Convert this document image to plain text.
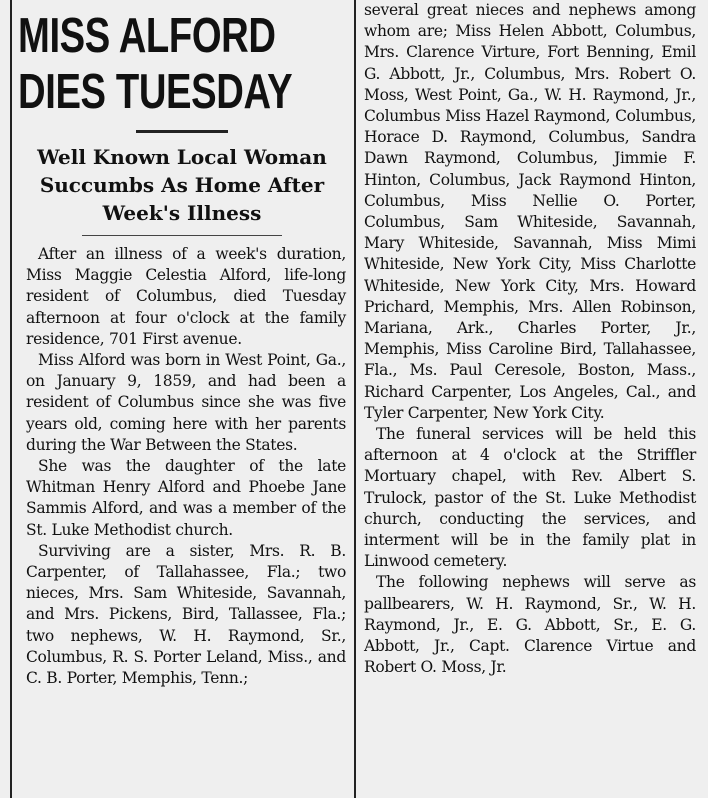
MISS ALFORD
DIES TUESDAY
Well Known Local Woman Succumbs As Home After Week's Illness

After an illness of a week's duration, Miss Maggie Celestia Alford, life-long resident of Columbus, died Tuesday afternoon at four o'clock at the family residence, 701 First avenue.

Miss Alford was born in West Point, Ga., on January 9, 1859, and had been a resident of Columbus since she was five years old, coming here with her parents during the War Between the States.

She was the daughter of the late Whitman Henry Alford and Phoebe Jane Sammis Alford, and was a member of the St. Luke Methodist church.

Surviving are a sister, Mrs. R. B. Carpenter, of Tallahassee, Fla.; two nieces, Mrs. Sam Whiteside, Savannah, and Mrs. Pickens, Bird, Tallassee, Fla.; two nephews, W. H. Raymond, Sr., Columbus, R. S. Porter Leland, Miss., and C. B. Porter, Memphis, Tenn.;

several great nieces and nephews among whom are; Miss Helen Abbott, Columbus, Mrs. Clarence Virture, Fort Benning, Emil G. Abbott, Jr., Columbus, Mrs. Robert O. Moss, West Point, Ga., W. H. Raymond, Jr., Columbus Miss Hazel Raymond, Columbus, Horace D. Raymond, Columbus, Sandra Dawn Raymond, Columbus, Jimmie F. Hinton, Columbus, Jack Raymond Hinton, Columbus, Miss Nellie O. Porter, Columbus, Sam Whiteside, Savannah, Mary Whiteside, Savannah, Miss Mimi Whiteside, New York City, Miss Charlotte Whiteside, New York City, Mrs. Howard Prichard, Memphis, Mrs. Allen Robinson, Mariana, Ark., Charles Porter, Jr., Memphis, Miss Caroline Bird, Tallahassee, Fla., Ms. Paul Ceresole, Boston, Mass., Richard Carpenter, Los Angeles, Cal., and Tyler Carpenter, New York City.

The funeral services will be held this afternoon at 4 o'clock at the Striffler Mortuary chapel, with Rev. Albert S. Trulock, pastor of the St. Luke Methodist church, conducting the services, and interment will be in the family plat in Linwood cemetery.

The following nephews will serve as pallbearers, W. H. Raymond, Sr., W. H. Raymond, Jr., E. G. Abbott, Sr., E. G. Abbott, Jr., Capt. Clarence Virtue and Robert O. Moss, Jr.
